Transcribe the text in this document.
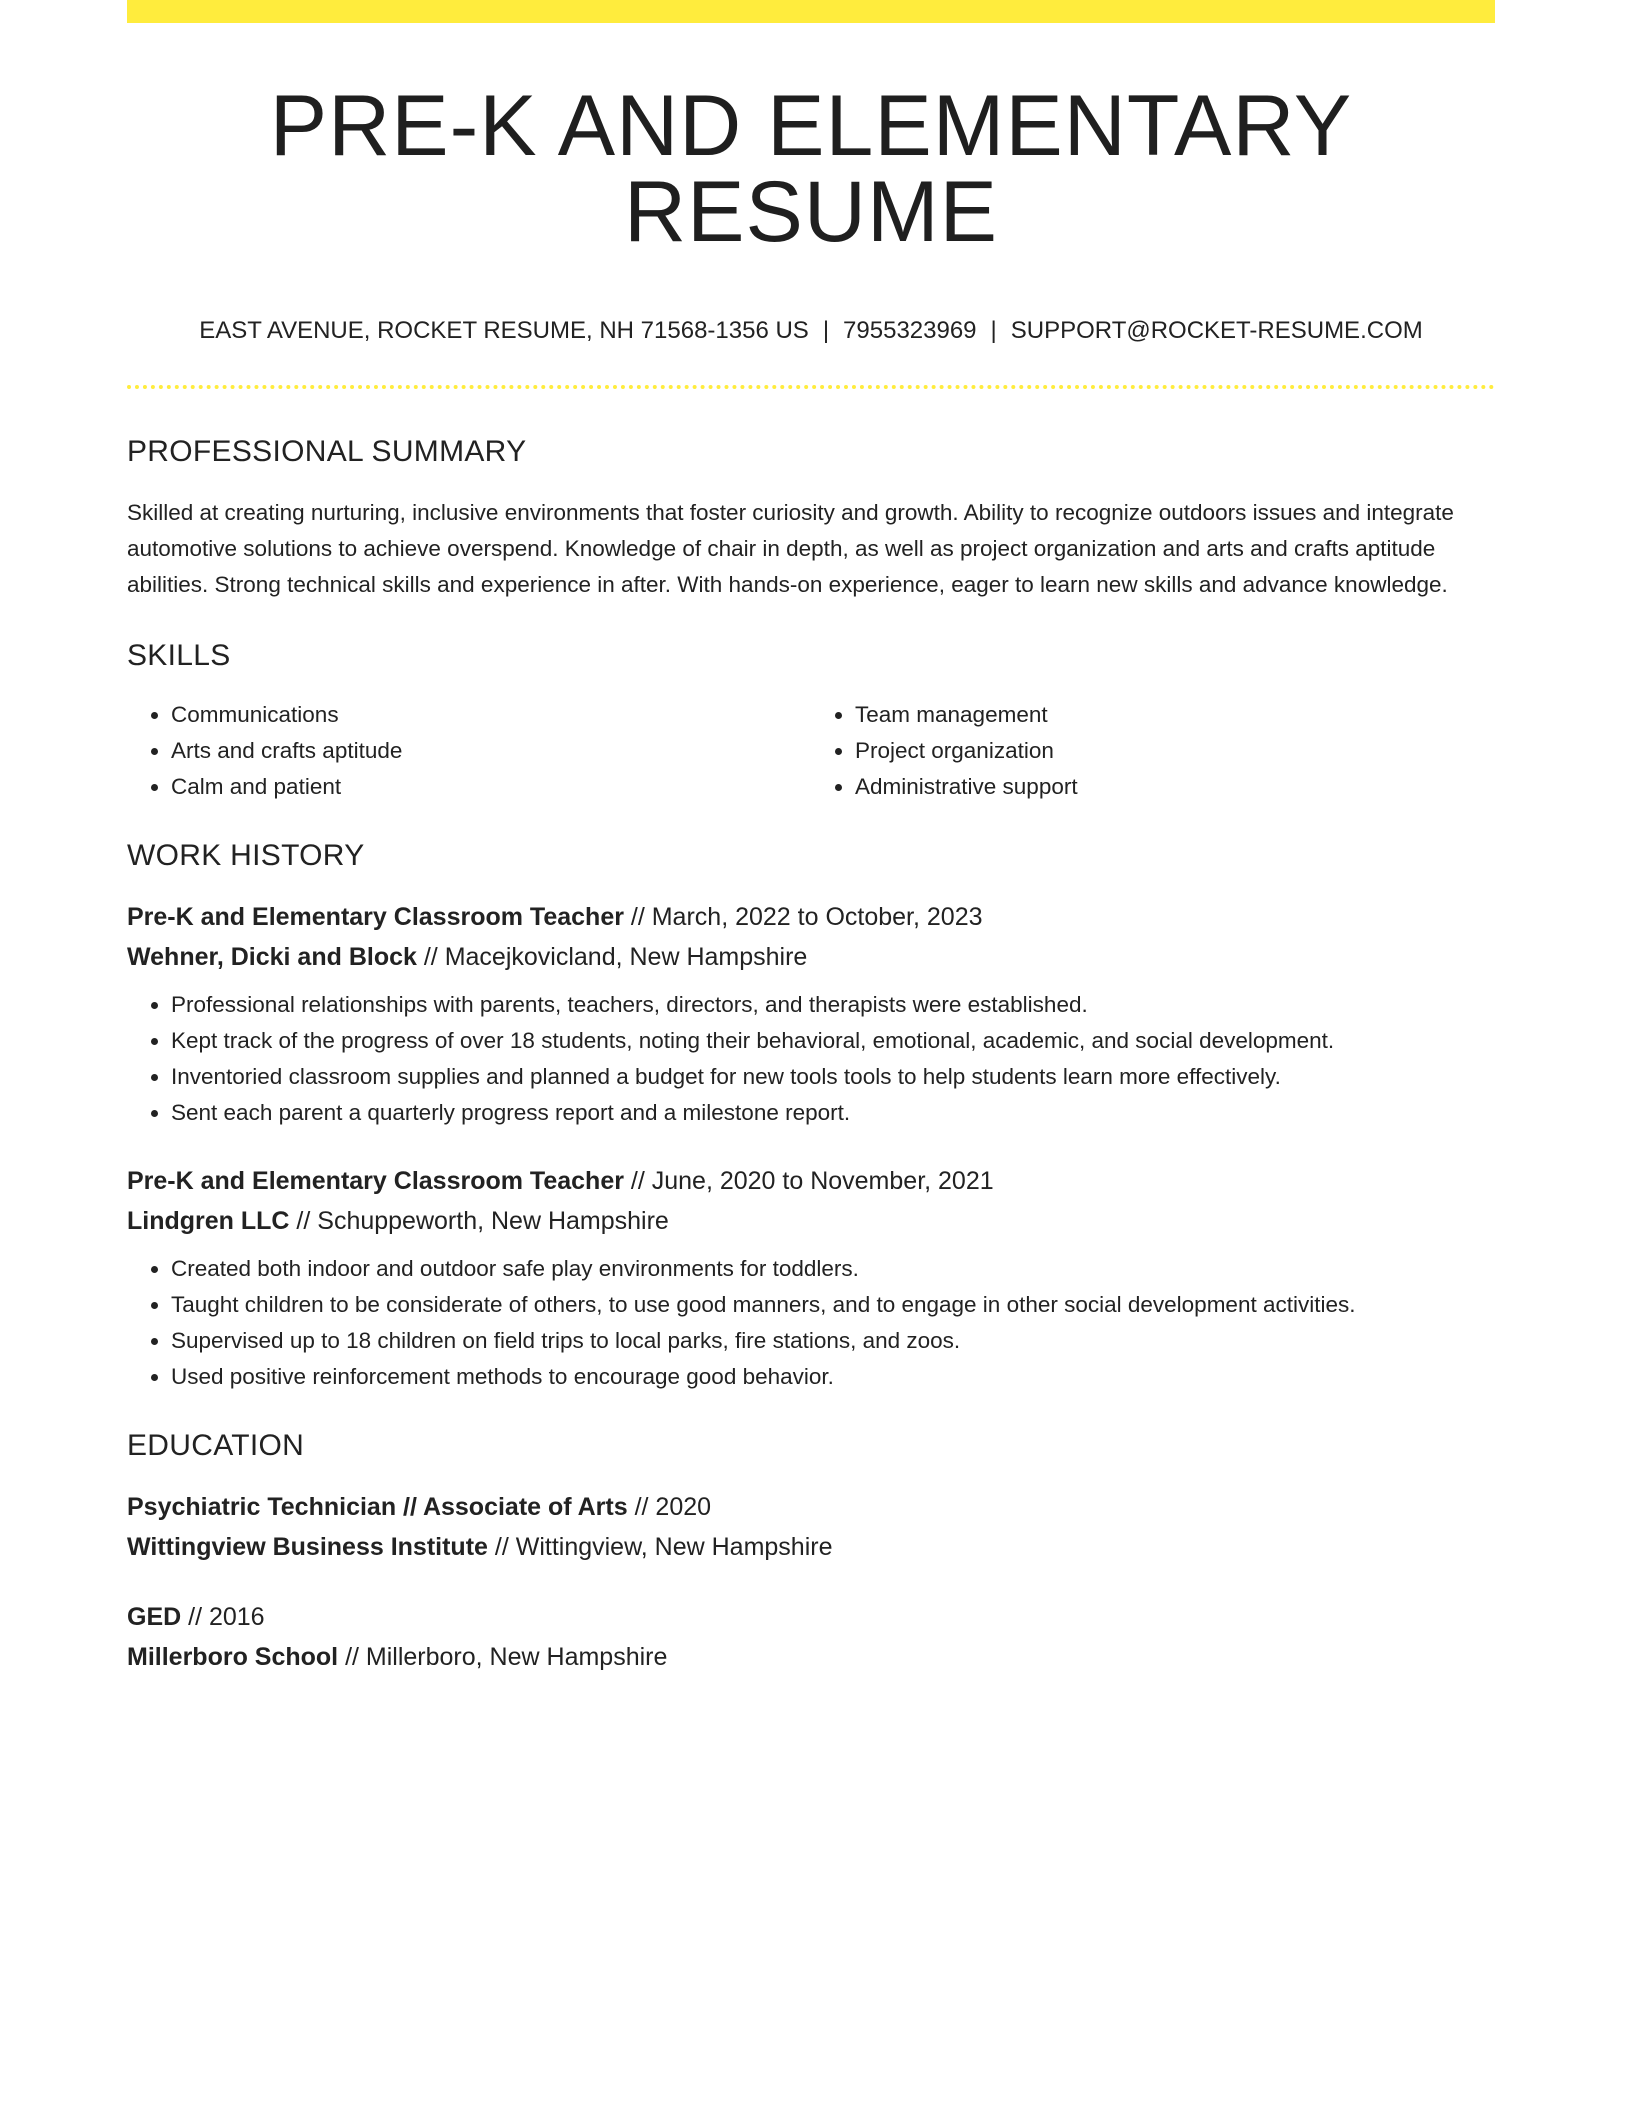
PRE-K AND ELEMENTARY RESUME
EAST AVENUE, ROCKET RESUME, NH 71568-1356 US | 7955323969 | SUPPORT@ROCKET-RESUME.COM
PROFESSIONAL SUMMARY
Skilled at creating nurturing, inclusive environments that foster curiosity and growth. Ability to recognize outdoors issues and integrate automotive solutions to achieve overspend. Knowledge of chair in depth, as well as project organization and arts and crafts aptitude abilities. Strong technical skills and experience in after. With hands-on experience, eager to learn new skills and advance knowledge.
SKILLS
• Communications
• Arts and crafts aptitude
• Calm and patient
• Team management
• Project organization
• Administrative support
WORK HISTORY
Pre-K and Elementary Classroom Teacher // March, 2022 to October, 2023
Wehner, Dicki and Block // Macejkovicland, New Hampshire
• Professional relationships with parents, teachers, directors, and therapists were established.
• Kept track of the progress of over 18 students, noting their behavioral, emotional, academic, and social development.
• Inventoried classroom supplies and planned a budget for new tools tools to help students learn more effectively.
• Sent each parent a quarterly progress report and a milestone report.
Pre-K and Elementary Classroom Teacher // June, 2020 to November, 2021
Lindgren LLC // Schuppeworth, New Hampshire
• Created both indoor and outdoor safe play environments for toddlers.
• Taught children to be considerate of others, to use good manners, and to engage in other social development activities.
• Supervised up to 18 children on field trips to local parks, fire stations, and zoos.
• Used positive reinforcement methods to encourage good behavior.
EDUCATION
Psychiatric Technician // Associate of Arts // 2020
Wittingview Business Institute // Wittingview, New Hampshire
GED // 2016
Millerboro School // Millerboro, New Hampshire
